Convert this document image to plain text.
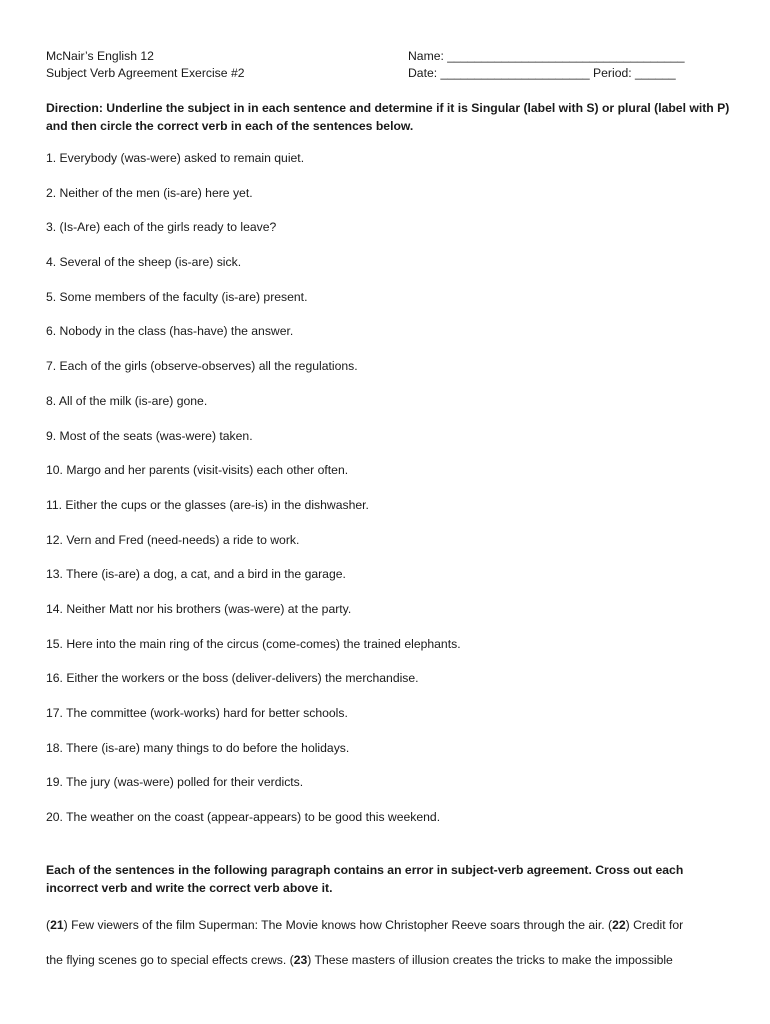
McNair’s English 12
Subject Verb Agreement Exercise #2
Name: ___________________________________
Date: ______________________ Period: ______
Direction: Underline the subject in in each sentence and determine if it is Singular (label with S) or plural (label with P) and then circle the correct verb in each of the sentences below.
1. Everybody (was-were) asked to remain quiet.
2. Neither of the men (is-are) here yet.
3. (Is-Are) each of the girls ready to leave?
4. Several of the sheep (is-are) sick.
5. Some members of the faculty (is-are) present.
6. Nobody in the class (has-have) the answer.
7. Each of the girls (observe-observes) all the regulations.
8. All of the milk (is-are) gone.
9. Most of the seats (was-were) taken.
10. Margo and her parents (visit-visits) each other often.
11. Either the cups or the glasses (are-is) in the dishwasher.
12. Vern and Fred (need-needs) a ride to work.
13. There (is-are) a dog, a cat, and a bird in the garage.
14. Neither Matt nor his brothers (was-were) at the party.
15. Here into the main ring of the circus (come-comes) the trained elephants.
16. Either the workers or the boss (deliver-delivers) the merchandise.
17. The committee (work-works) hard for better schools.
18. There (is-are) many things to do before the holidays.
19. The jury (was-were) polled for their verdicts.
20. The weather on the coast (appear-appears) to be good this weekend.
Each of the sentences in the following paragraph contains an error in subject-verb agreement. Cross out each incorrect verb and write the correct verb above it.
(21) Few viewers of the film Superman: The Movie knows how Christopher Reeve soars through the air. (22) Credit for
the flying scenes go to special effects crews. (23) These masters of illusion creates the tricks to make the impossible
